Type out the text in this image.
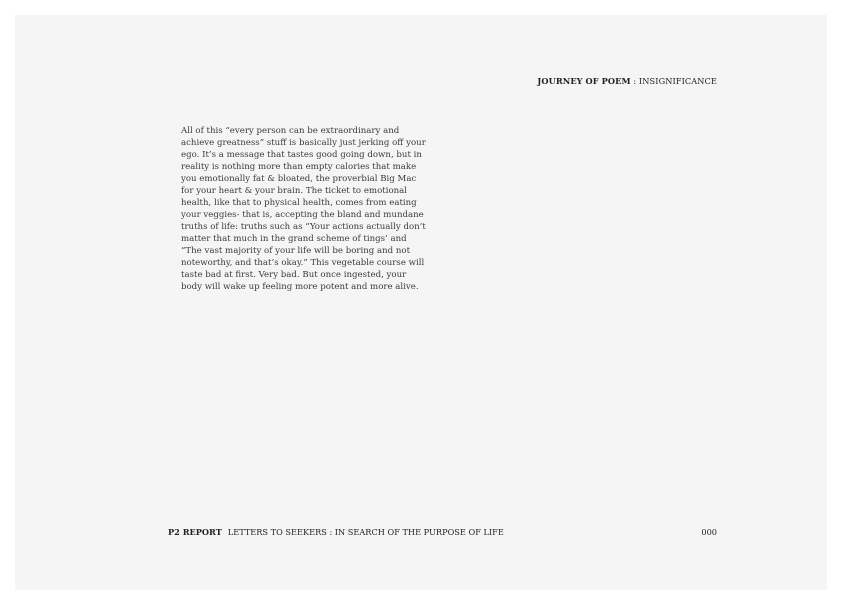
JOURNEY OF POEM : INSIGNIFICANCE

All of this “every person can be extraordinary and achieve greatness” stuff is basically just jerking off your ego. It’s a message that tastes good going down, but in reality is nothing more than empty calories that make you emotionally fat & bloated, the proverbial Big Mac for your heart & your brain. The ticket to emotional health, like that to physical health, comes from eating your veggies- that is, accepting the bland and mundane truths of life: truths such as “Your actions actually don’t matter that much in the grand scheme of tings’ and “The vast majority of your life will be boring and not noteworthy, and that’s okay.” This vegetable course will taste bad at first. Very bad. But once ingested, your body will wake up feeling more potent and more alive.

P2 REPORT LETTERS TO SEEKERS : IN SEARCH OF THE PURPOSE OF LIFE	000
